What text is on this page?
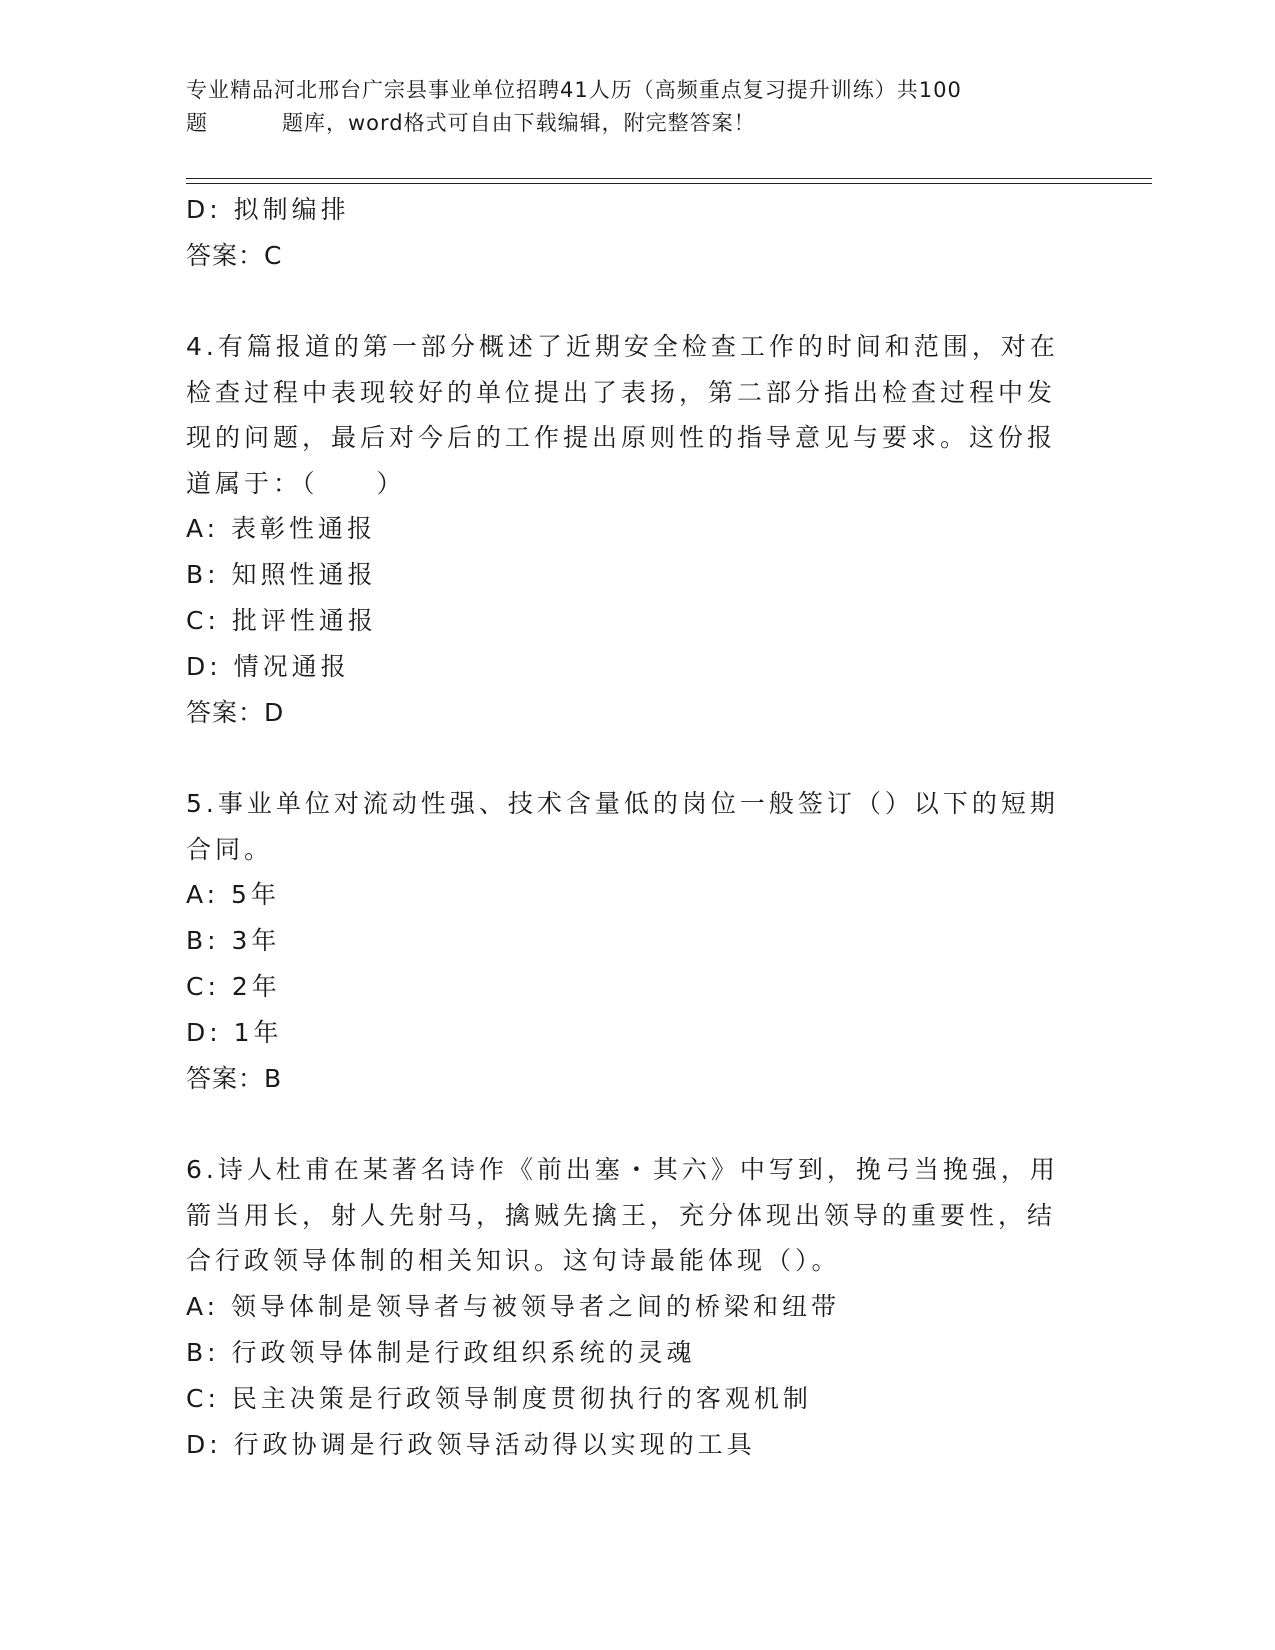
专业精品河北邢台广宗县事业单位招聘41人历（高频重点复习提升训练）共100
题	题库，word格式可自由下载编辑，附完整答案！
D: 拟制编排
答案：C
4.有篇报道的第一部分概述了近期安全检查工作的时间和范围，对在检查过程中表现较好的单位提出了表扬，第二部分指出检查过程中发现的问题，最后对今后的工作提出原则性的指导意见与要求。这份报道属于：（　　）
A: 表彰性通报
B: 知照性通报
C: 批评性通报
D: 情况通报
答案：D
5.事业单位对流动性强、技术含量低的岗位一般签订（）以下的短期合同。
A: 5年
B: 3年
C: 2年
D: 1年
答案：B
6.诗人杜甫在某著名诗作《前出塞・其六》中写到，挽弓当挽强，用箭当用长，射人先射马，擒贼先擒王，充分体现出领导的重要性，结合行政领导体制的相关知识。这句诗最能体现（）。
A: 领导体制是领导者与被领导者之间的桥梁和纽带
B: 行政领导体制是行政组织系统的灵魂
C: 民主决策是行政领导制度贯彻执行的客观机制
D: 行政协调是行政领导活动得以实现的工具
